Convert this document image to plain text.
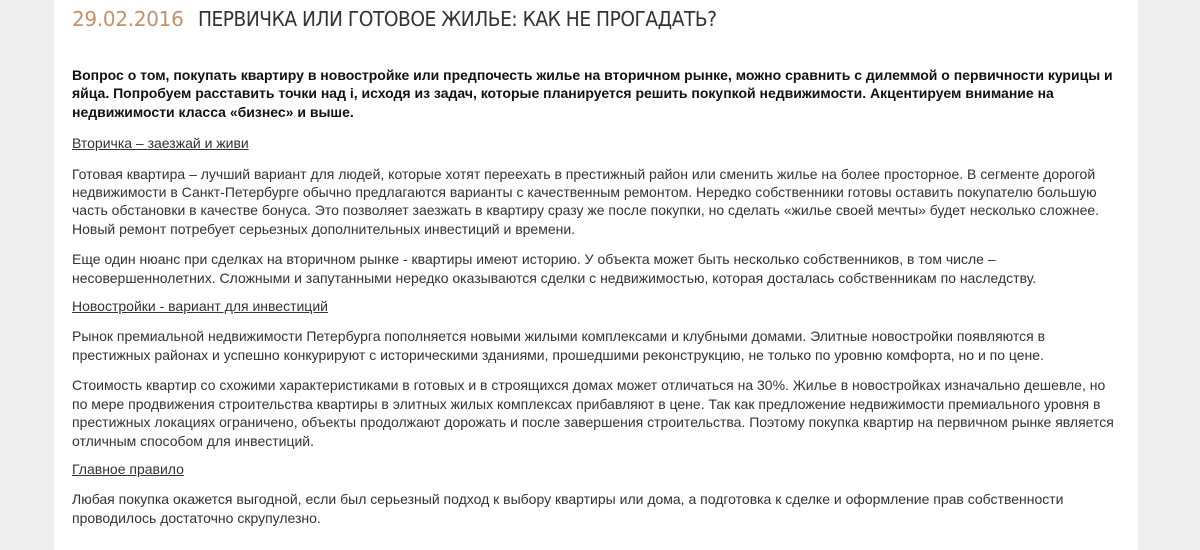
29.02.2016 ПЕРВИЧКА ИЛИ ГОТОВОЕ ЖИЛЬЕ: КАК НЕ ПРОГАДАТЬ?

Вопрос о том, покупать квартиру в новостройке или предпочесть жилье на вторичном рынке, можно сравнить с дилеммой о первичности курицы и яйца. Попробуем расставить точки над i, исходя из задач, которые планируется решить покупкой недвижимости. Акцентируем внимание на недвижимости класса «бизнес» и выше.

Вторичка – заезжай и живи

Готовая квартира – лучший вариант для людей, которые хотят переехать в престижный район или сменить жилье на более просторное. В сегменте дорогой недвижимости в Санкт-Петербурге обычно предлагаются варианты с качественным ремонтом. Нередко собственники готовы оставить покупателю большую часть обстановки в качестве бонуса. Это позволяет заезжать в квартиру сразу же после покупки, но сделать «жилье своей мечты» будет несколько сложнее. Новый ремонт потребует серьезных дополнительных инвестиций и времени.

Еще один нюанс при сделках на вторичном рынке - квартиры имеют историю. У объекта может быть несколько собственников, в том числе – несовершеннолетних. Сложными и запутанными нередко оказываются сделки с недвижимостью, которая досталась собственникам по наследству.

Новостройки - вариант для инвестиций

Рынок премиальной недвижимости Петербурга пополняется новыми жилыми комплексами и клубными домами. Элитные новостройки появляются в престижных районах и успешно конкурируют с историческими зданиями, прошедшими реконструкцию, не только по уровню комфорта, но и по цене.

Стоимость квартир со схожими характеристиками в готовых и в строящихся домах может отличаться на 30%. Жилье в новостройках изначально дешевле, но по мере продвижения строительства квартиры в элитных жилых комплексах прибавляют в цене. Так как предложение недвижимости премиального уровня в престижных локациях ограничено, объекты продолжают дорожать и после завершения строительства. Поэтому покупка квартир на первичном рынке является отличным способом для инвестиций.

Главное правило

Любая покупка окажется выгодной, если был серьезный подход к выбору квартиры или дома, а подготовка к сделке и оформление прав собственности проводилось достаточно скрупулезно.
